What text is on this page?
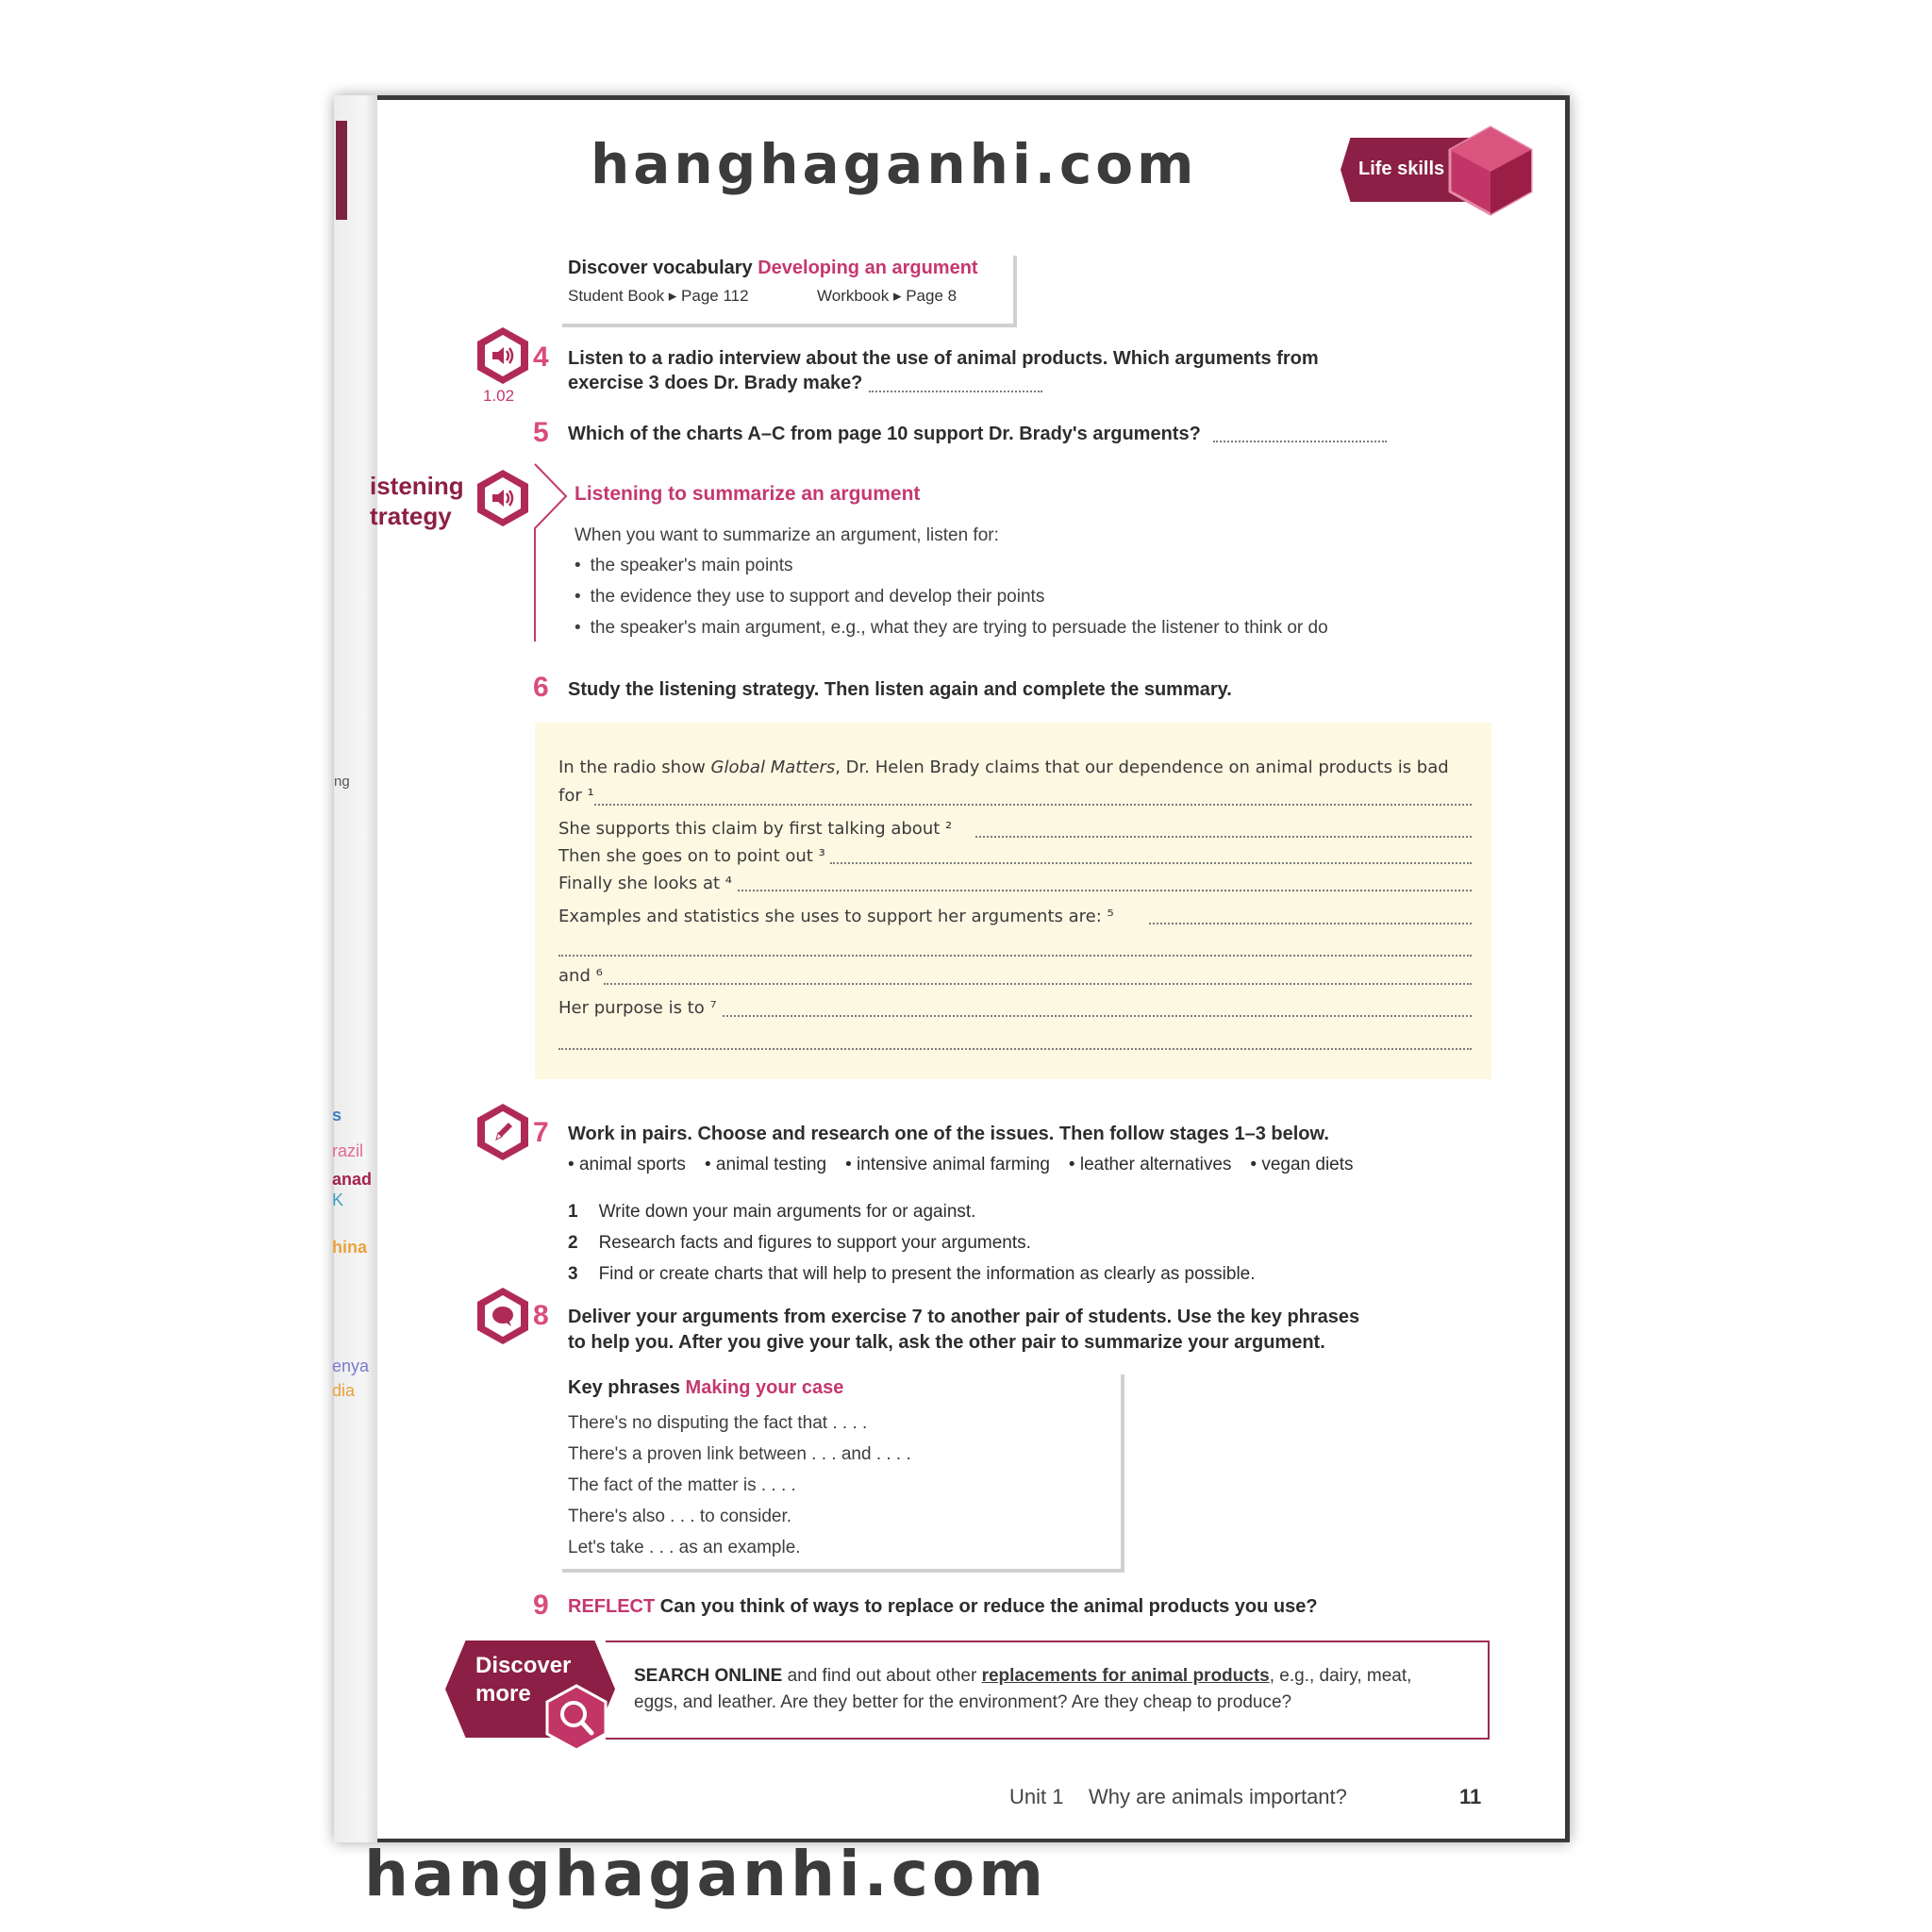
ng
s
razil
anad
K
hina
enya
dia
hanghaganhi.com
hanghaganhi.com
Life skills
Discover vocabulary Developing an argument
Student Book ▸ Page 112	Workbook ▸ Page 8
1.02
4 Listen to a radio interview about the use of animal products. Which arguments from
exercise 3 does Dr. Brady make?
5 Which of the charts A–C from page 10 support Dr. Brady's arguments?
istening
trategy
Listening to summarize an argument
When you want to summarize an argument, listen for:
• the speaker's main points
• the evidence they use to support and develop their points
• the speaker's main argument, e.g., what they are trying to persuade the listener to think or do
6 Study the listening strategy. Then listen again and complete the summary.
In the radio show Global Matters, Dr. Helen Brady claims that our dependence on animal products is bad
for ¹
She supports this claim by first talking about ²
Then she goes on to point out ³
Finally she looks at ⁴
Examples and statistics she uses to support her arguments are: ⁵
and ⁶
Her purpose is to ⁷
7 Work in pairs. Choose and research one of the issues. Then follow stages 1–3 below.
• animal sports • animal testing • intensive animal farming • leather alternatives • vegan diets
1 Write down your main arguments for or against.
2 Research facts and figures to support your arguments.
3 Find or create charts that will help to present the information as clearly as possible.
8 Deliver your arguments from exercise 7 to another pair of students. Use the key phrases
to help you. After you give your talk, ask the other pair to summarize your argument.
Key phrases Making your case
There's no disputing the fact that . . . .
There's a proven link between . . . and . . . .
The fact of the matter is . . . .
There's also . . . to consider.
Let's take . . . as an example.
9 REFLECT Can you think of ways to replace or reduce the animal products you use?
Discover
more
SEARCH ONLINE and find out about other replacements for animal products, e.g., dairy, meat,
eggs, and leather. Are they better for the environment? Are they cheap to produce?
Unit 1 Why are animals important?	11
